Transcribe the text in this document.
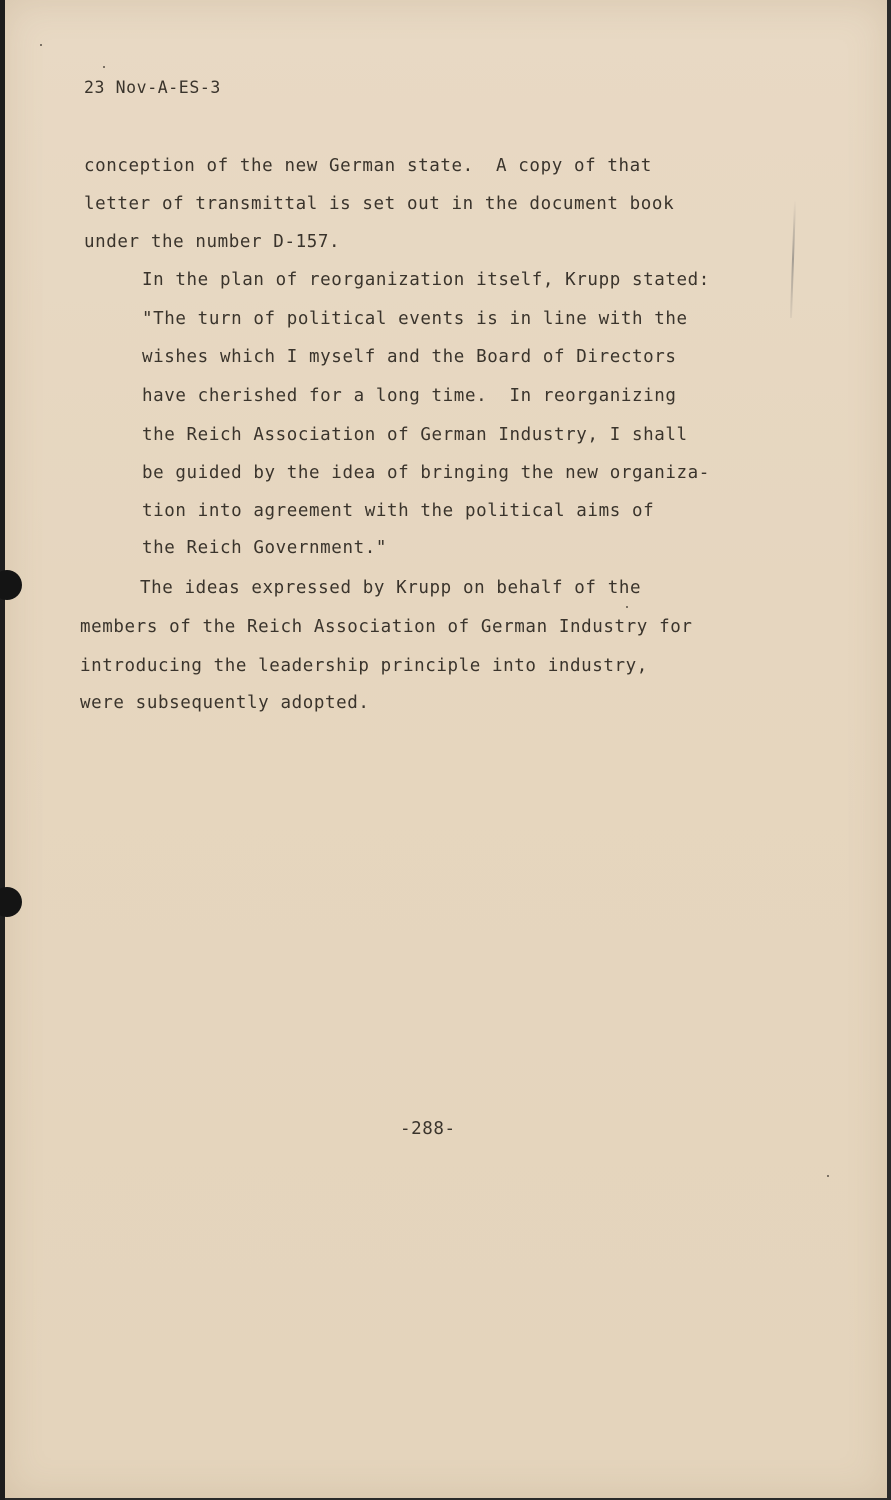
23 Nov-A-ES-3
conception of the new German state.  A copy of that
letter of transmittal is set out in the document book
under the number D-157.
In the plan of reorganization itself, Krupp stated:
"The turn of political events is in line with the
wishes which I myself and the Board of Directors
have cherished for a long time.  In reorganizing
the Reich Association of German Industry, I shall
be guided by the idea of bringing the new organiza-
tion into agreement with the political aims of
the Reich Government."
The ideas expressed by Krupp on behalf of the
members of the Reich Association of German Industry for
introducing the leadership principle into industry,
were subsequently adopted.
-288-
